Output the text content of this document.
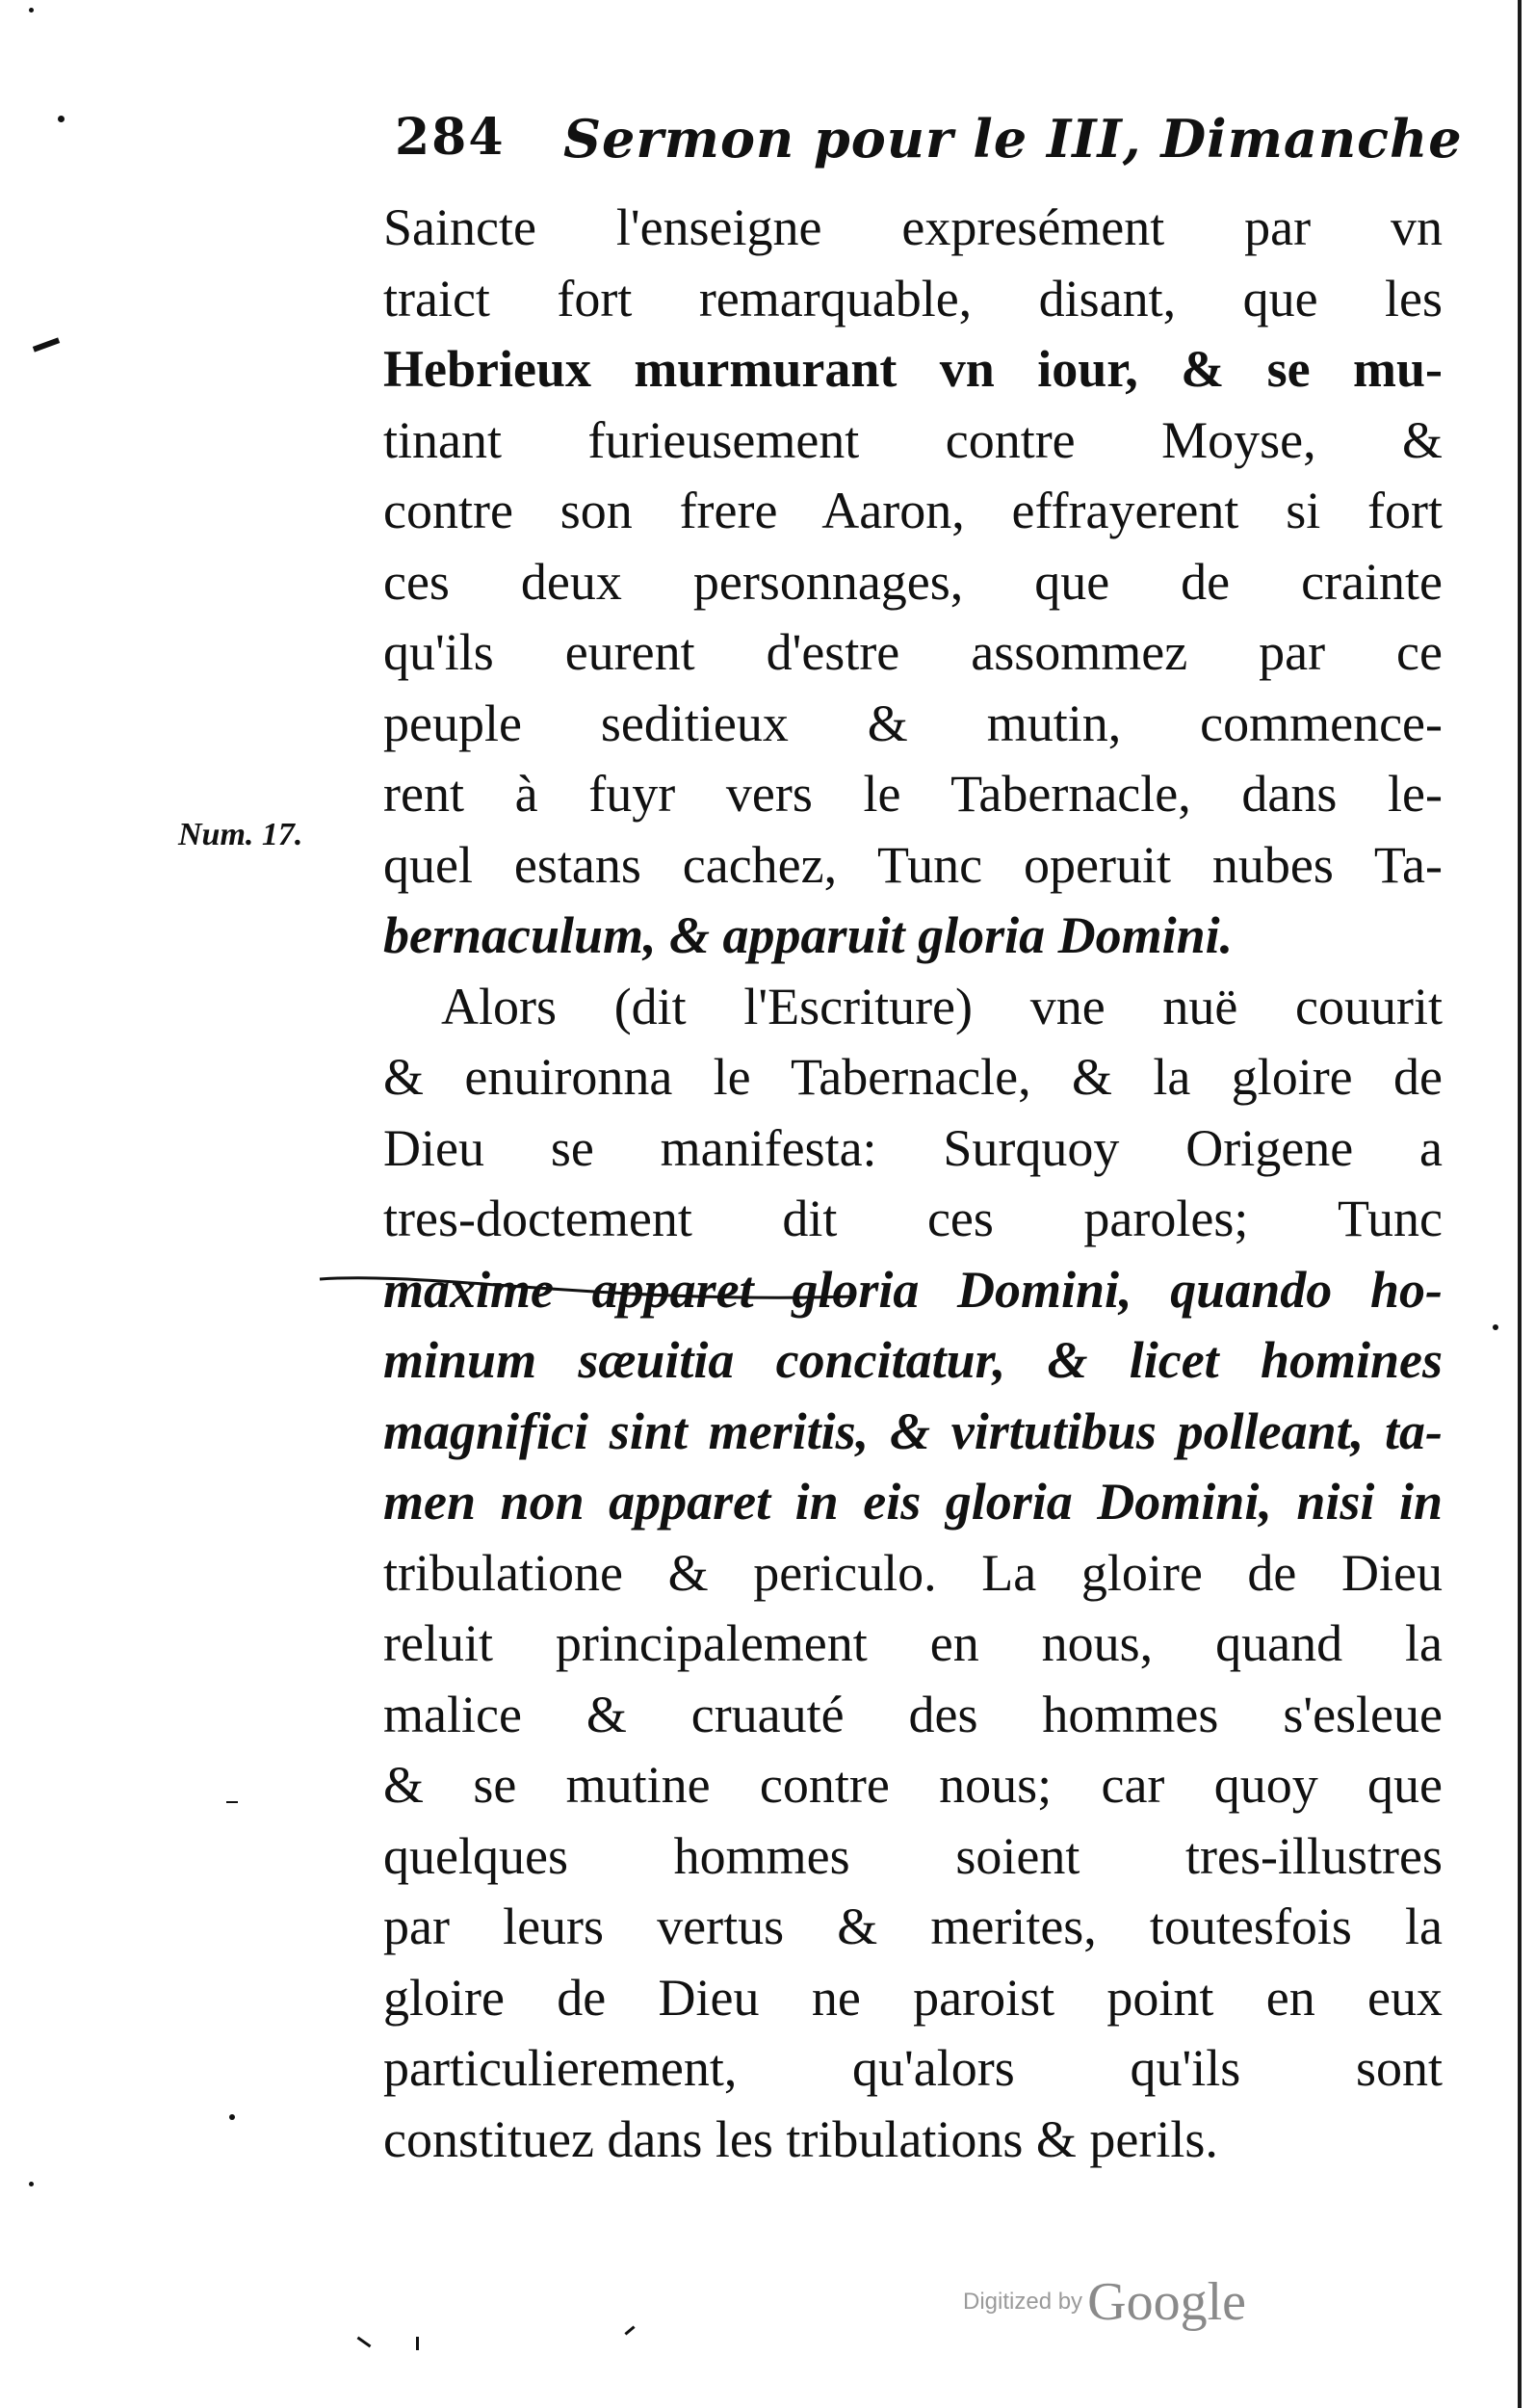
284 Sermon pour le III, Dimanche
Num. 17.
Saincte l'enseigne expresément par vn
traict fort remarquable, disant, que les
Hebrieux murmurant vn iour, & se mu-
tinant furieusement contre Moyse, &
contre son frere Aaron, effrayerent si fort
ces deux personnages, que de crainte
qu'ils eurent d'estre assommez par ce
peuple seditieux & mutin, commence-
rent à fuyr vers le Tabernacle, dans le-
quel estans cachez, Tunc operuit nubes Ta-
bernaculum, & apparuit gloria Domini.
Alors (dit l'Escriture) vne nuë couurit
& enuironna le Tabernacle, & la gloire de
Dieu se manifesta: Surquoy Origene a
tres-doctement dit ces paroles; Tunc
maxime apparet gloria Domini, quando ho-
minum sæuitia concitatur, & licet homines
magnifici sint meritis, & virtutibus polleant, ta-
men non apparet in eis gloria Domini, nisi in
tribulatione & periculo. La gloire de Dieu
reluit principalement en nous, quand la
malice & cruauté des hommes s'esleue
& se mutine contre nous; car quoy que
quelques hommes soient tres-illustres
par leurs vertus & merites, toutesfois la
gloire de Dieu ne paroist point en eux
particulierement, qu'alors qu'ils sont
constituez dans les tribulations & perils.
Digitized by Google
